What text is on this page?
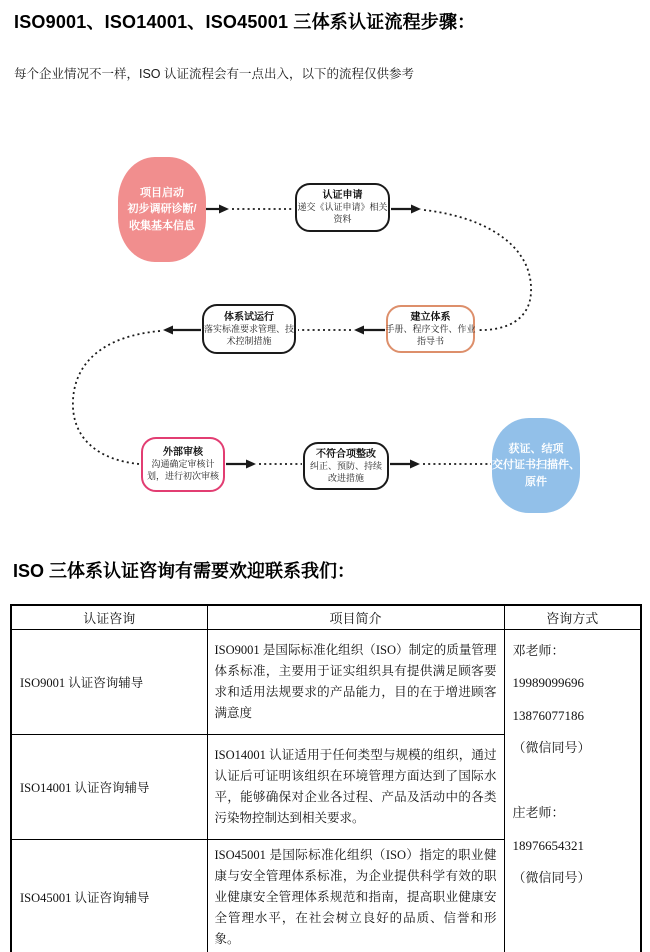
ISO9001、ISO14001、ISO45001 三体系认证流程步骤：
每个企业情况不一样，ISO 认证流程会有一点出入，以下的流程仅供参考
项目启动
初步调研诊断/
收集基本信息
认证申请
递交《认证申请》相关
资料
建立体系
手册、程序文件、作业
指导书
体系试运行
落实标准要求管理、技
术控制措施
外部审核
沟通确定审核计
划，进行初次审核
不符合项整改
纠正、预防、持续
改进措施
获证、结项
交付证书扫描件、
原件
ISO 三体系认证咨询有需要欢迎联系我们：
认证咨询	项目简介	咨询方式
ISO9001 认证咨询辅导	ISO9001 是国际标准化组织（ISO）制定的质量管理体系标准，主要用于证实组织具有提供满足顾客要求和适用法规要求的产品能力，目的在于增进顾客满意度	
邓老师：
19989099696
13876077186
（微信同号）
庄老师：
18976654321
（微信同号）

ISO14001 认证咨询辅导	ISO14001 认证适用于任何类型与规模的组织，通过认证后可证明该组织在环境管理方面达到了国际水平，能够确保对企业各过程、产品及活动中的各类污染物控制达到相关要求。	
ISO45001 认证咨询辅导	ISO45001 是国际标准化组织（ISO）指定的职业健康与安全管理体系标准，为企业提供科学有效的职业健康安全管理体系规范和指南，提高职业健康安全管理水平，在社会树立良好的品质、信誉和形象。	
